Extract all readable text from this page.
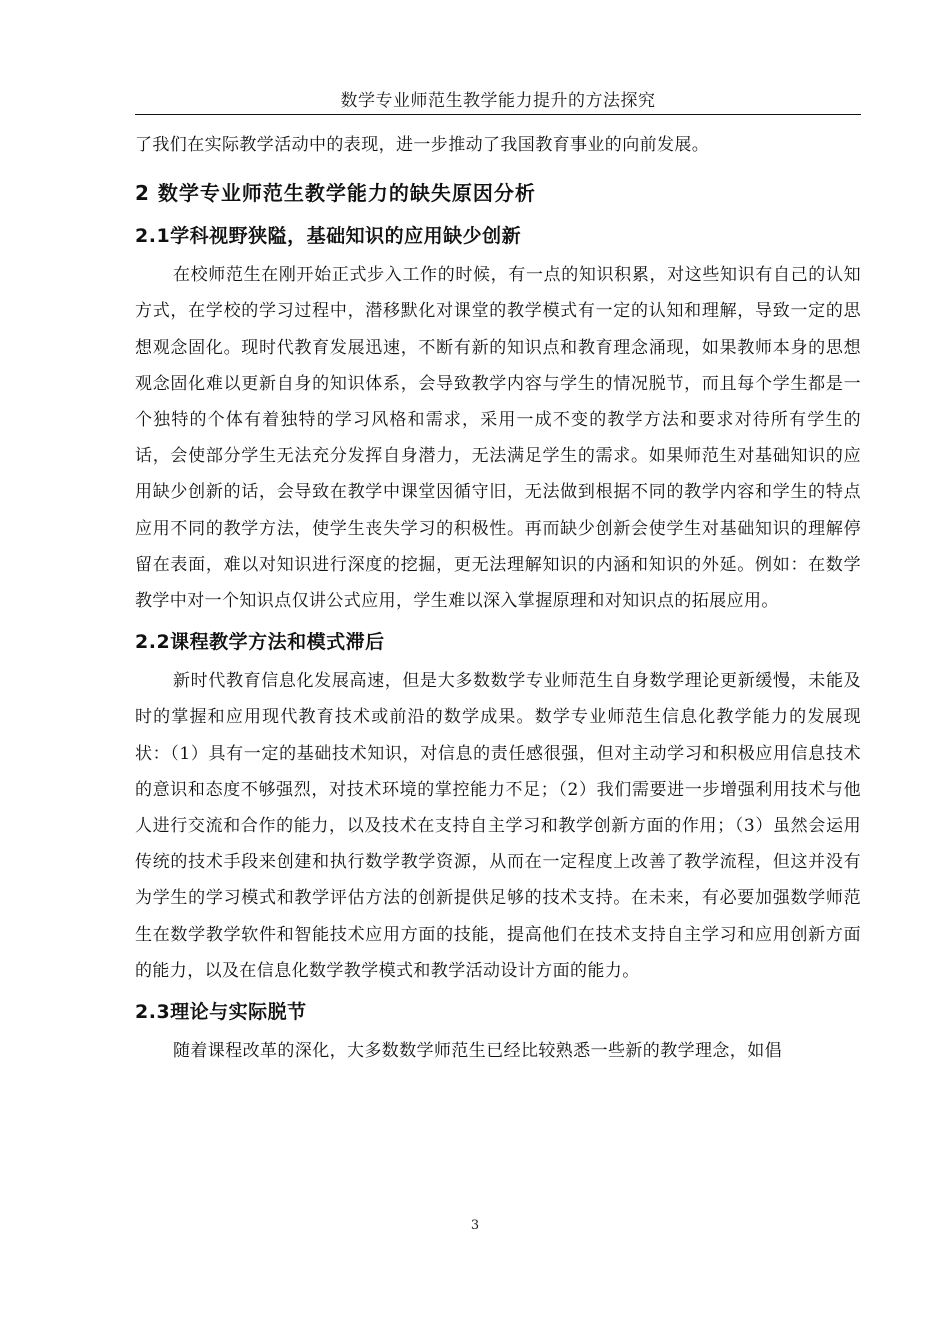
数学专业师范生教学能力提升的方法探究

了我们在实际教学活动中的表现，进一步推动了我国教育事业的向前发展。

2 数学专业师范生教学能力的缺失原因分析
2.1学科视野狭隘，基础知识的应用缺少创新

在校师范生在刚开始正式步入工作的时候，有一点的知识积累，对这些知识有自己的认知方式，在学校的学习过程中，潜移默化对课堂的教学模式有一定的认知和理解，导致一定的思想观念固化。现时代教育发展迅速，不断有新的知识点和教育理念涌现，如果教师本身的思想观念固化难以更新自身的知识体系，会导致教学内容与学生的情况脱节，而且每个学生都是一个独特的个体有着独特的学习风格和需求，采用一成不变的教学方法和要求对待所有学生的话，会使部分学生无法充分发挥自身潜力，无法满足学生的需求。如果师范生对基础知识的应用缺少创新的话，会导致在教学中课堂因循守旧，无法做到根据不同的教学内容和学生的特点应用不同的教学方法，使学生丧失学习的积极性。再而缺少创新会使学生对基础知识的理解停留在表面，难以对知识进行深度的挖掘，更无法理解知识的内涵和知识的外延。例如：在数学教学中对一个知识点仅讲公式应用，学生难以深入掌握原理和对知识点的拓展应用。

2.2课程教学方法和模式滞后

新时代教育信息化发展高速，但是大多数数学专业师范生自身数学理论更新缓慢，未能及时的掌握和应用现代教育技术或前沿的数学成果。数学专业师范生信息化教学能力的发展现状：（1）具有一定的基础技术知识，对信息的责任感很强，但对主动学习和积极应用信息技术的意识和态度不够强烈，对技术环境的掌控能力不足；（2）我们需要进一步增强利用技术与他人进行交流和合作的能力，以及技术在支持自主学习和教学创新方面的作用；（3）虽然会运用传统的技术手段来创建和执行数学教学资源，从而在一定程度上改善了教学流程，但这并没有为学生的学习模式和教学评估方法的创新提供足够的技术支持。在未来，有必要加强数学师范生在数学教学软件和智能技术应用方面的技能，提高他们在技术支持自主学习和应用创新方面的能力，以及在信息化数学教学模式和教学活动设计方面的能力。

2.3理论与实际脱节

随着课程改革的深化，大多数数学师范生已经比较熟悉一些新的教学理念，如倡

3
